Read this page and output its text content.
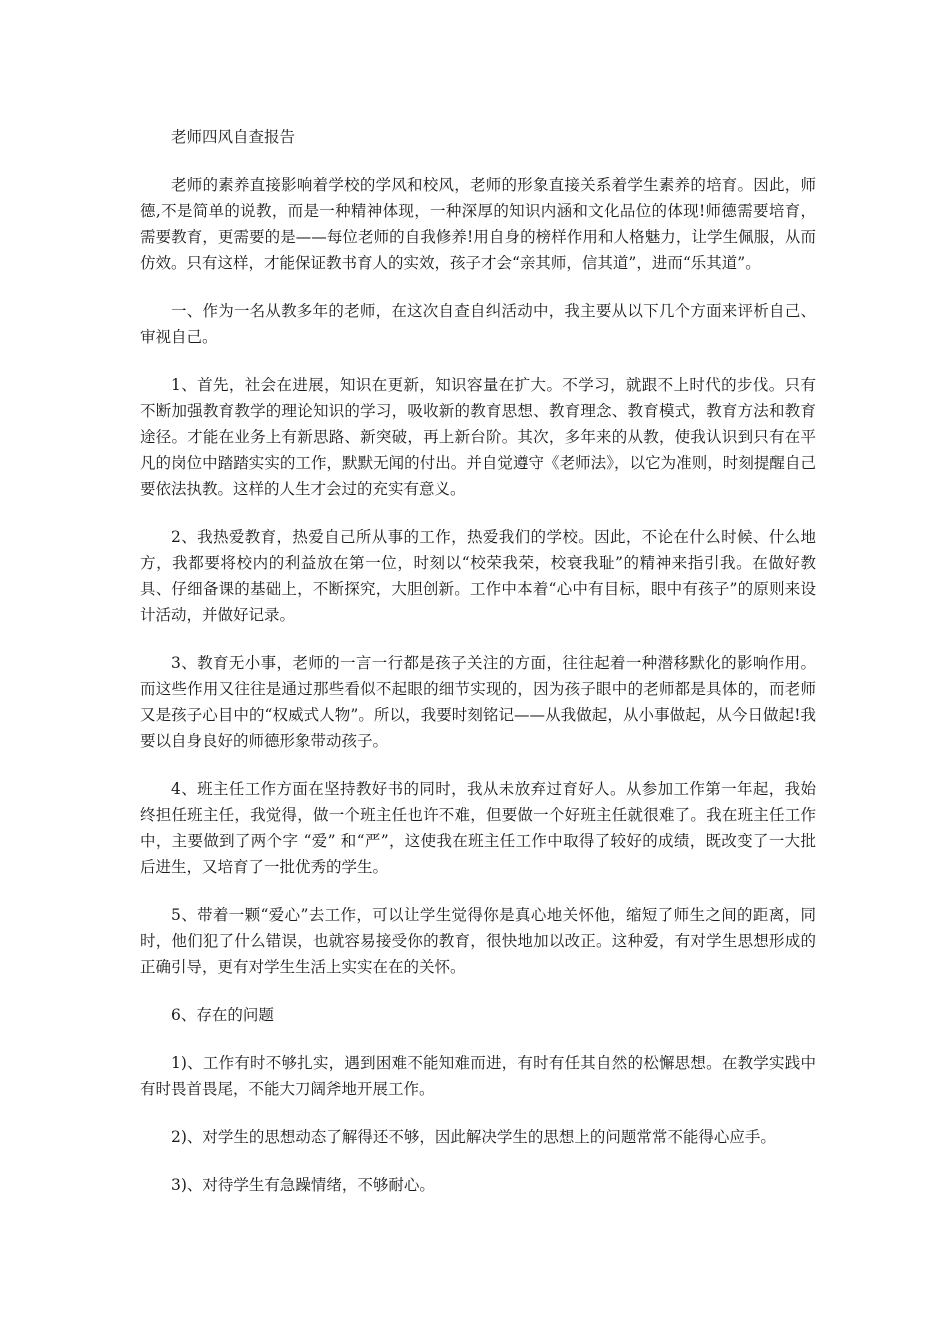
老师四风自查报告

老师的素养直接影响着学校的学风和校风，老师的形象直接关系着学生素养的培育。因此，师德,不是简单的说教，而是一种精神体现，一种深厚的知识内涵和文化品位的体现!师德需要培育，需要教育，更需要的是——每位老师的自我修养!用自身的榜样作用和人格魅力，让学生佩服，从而仿效。只有这样，才能保证教书育人的实效，孩子才会“亲其师，信其道”，进而“乐其道”。

一、作为一名从教多年的老师，在这次自查自纠活动中，我主要从以下几个方面来评析自己、审视自己。

1、首先，社会在进展，知识在更新，知识容量在扩大。不学习，就跟不上时代的步伐。只有不断加强教育教学的理论知识的学习，吸收新的教育思想、教育理念、教育模式，教育方法和教育途径。才能在业务上有新思路、新突破，再上新台阶。其次，多年来的从教，使我认识到只有在平凡的岗位中踏踏实实的工作，默默无闻的付出。并自觉遵守《老师法》，以它为准则，时刻提醒自己要依法执教。这样的人生才会过的充实有意义。

2、我热爱教育，热爱自己所从事的工作，热爱我们的学校。因此，不论在什么时候、什么地方，我都要将校内的利益放在第一位，时刻以“校荣我荣，校衰我耻”的精神来指引我。在做好教具、仔细备课的基础上，不断探究，大胆创新。工作中本着“心中有目标，眼中有孩子”的原则来设计活动，并做好记录。

3、教育无小事，老师的一言一行都是孩子关注的方面，往往起着一种潜移默化的影响作用。而这些作用又往往是通过那些看似不起眼的细节实现的，因为孩子眼中的老师都是具体的，而老师又是孩子心目中的“权威式人物”。所以，我要时刻铭记——从我做起，从小事做起，从今日做起!我要以自身良好的师德形象带动孩子。

4、班主任工作方面在坚持教好书的同时，我从未放弃过育好人。从参加工作第一年起，我始终担任班主任，我觉得，做一个班主任也许不难，但要做一个好班主任就很难了。我在班主任工作中，主要做到了两个字 “爱” 和“严”，这使我在班主任工作中取得了较好的成绩，既改变了一大批后进生，又培育了一批优秀的学生。

5、带着一颗“爱心”去工作，可以让学生觉得你是真心地关怀他，缩短了师生之间的距离，同时，他们犯了什么错误，也就容易接受你的教育，很快地加以改正。这种爱，有对学生思想形成的正确引导，更有对学生生活上实实在在的关怀。

6、存在的问题

1)、工作有时不够扎实，遇到困难不能知难而进，有时有任其自然的松懈思想。在教学实践中有时畏首畏尾，不能大刀阔斧地开展工作。

2)、对学生的思想动态了解得还不够，因此解决学生的思想上的问题常常不能得心应手。

3)、对待学生有急躁情绪，不够耐心。
